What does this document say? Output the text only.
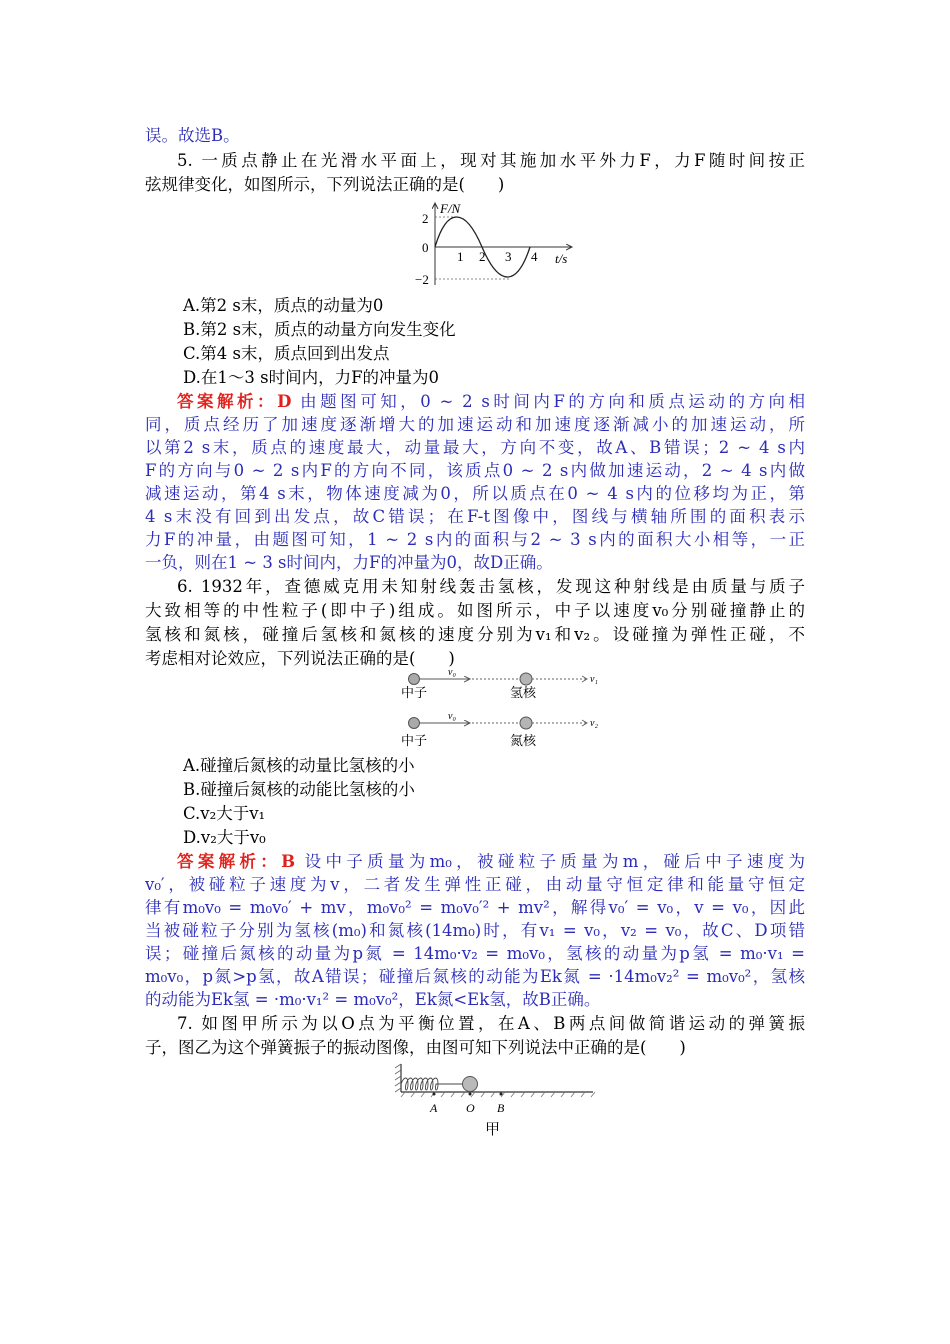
误。故选B。
5. 一质点静止在光滑水平面上，现对其施加水平外力F，力F随时间按正
弦规律变化，如图所示，下列说法正确的是(　　)
F/N
t/s
2
0
−2
1 2 3 4
A.第2 s末，质点的动量为0
B.第2 s末，质点的动量方向发生变化
C.第4 s末，质点回到出发点
D.在1～3 s时间内，力F的冲量为0
答案解析：D 由题图可知，0 ~ 2 s时间内F的方向和质点运动的方向相
同，质点经历了加速度逐渐增大的加速运动和加速度逐渐减小的加速运动，所
以第2 s末，质点的速度最大，动量最大，方向不变，故A、B错误；2 ~ 4 s内
F的方向与0 ~ 2 s内F的方向不同，该质点0 ~ 2 s内做加速运动，2 ~ 4 s内做
减速运动，第4 s末，物体速度减为0，所以质点在0 ~ 4 s内的位移均为正，第
4 s末没有回到出发点，故C错误；在F-t图像中，图线与横轴所围的面积表示
力F的冲量，由题图可知，1 ~ 2 s内的面积与2 ~ 3 s内的面积大小相等，一正
一负，则在1 ~ 3 s时间内，力F的冲量为0，故D正确。
6. 1932年，查德威克用未知射线轰击氢核，发现这种射线是由质量与质子
大致相等的中性粒子(即中子)组成。如图所示，中子以速度v₀分别碰撞静止的
氢核和氮核，碰撞后氢核和氮核的速度分别为v₁和v₂。设碰撞为弹性正碰，不
考虑相对论效应，下列说法正确的是(　　)
v₀
v₁
中子	氢核
v₀
v₂
中子	氮核
A.碰撞后氮核的动量比氢核的小
B.碰撞后氮核的动能比氢核的小
C.v₂大于v₁
D.v₂大于v₀
答案解析：B 设中子质量为m₀，被碰粒子质量为m，碰后中子速度为
v₀′，被碰粒子速度为v，二者发生弹性正碰，由动量守恒定律和能量守恒定
律有m₀v₀ = m₀v₀′ + mv，m₀v₀² = m₀v₀′² + mv²，解得v₀′ = v₀，v = v₀，因此
当被碰粒子分别为氢核(m₀)和氮核(14m₀)时，有v₁ = v₀，v₂ = v₀，故C、D项错
误；碰撞后氮核的动量为p氮 = 14m₀·v₂ = m₀v₀，氢核的动量为p氢 = m₀·v₁ =
m₀v₀，p氮>p氢，故A错误；碰撞后氮核的动能为Ek氮 = ·14m₀v₂² = m₀v₀²，氢核
的动能为Ek氢 = ·m₀·v₁² = m₀v₀²，Ek氮<Ek氢，故B正确。
7. 如图甲所示为以O点为平衡位置，在A、B两点间做简谐运动的弹簧振
子，图乙为这个弹簧振子的振动图像，由图可知下列说法中正确的是(　　)
A O B
甲
